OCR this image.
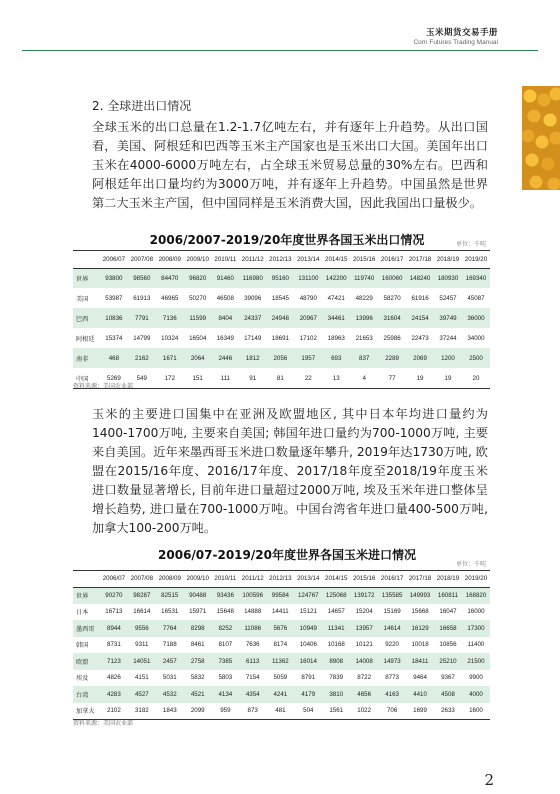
玉米期货交易手册
Corn Futures Trading Manual
2. 全球进出口情况
全球玉米的出口总量在1.2-1.7亿吨左右，并有逐年上升趋势。从出口国看，美国、阿根廷和巴西等玉米主产国家也是玉米出口大国。美国年出口玉米在4000-6000万吨左右，占全球玉米贸易总量的30%左右。巴西和阿根廷年出口量均约为3000万吨，并有逐年上升趋势。中国虽然是世界第二大玉米主产国，但中国同样是玉米消费大国，因此我国出口量极少。
2006/2007-2019/20年度世界各国玉米出口情况	单位：千吨
	2006/07	2007/08	2008/09	2009/10	2010/11	2011/12	2012/13	2013/14	2014/15	2015/16	2016/17	2017/18	2018/19	2019/20
世界	93800	98560	84470	96820	91460	116980	95160	131100	142200	119740	160060	148240	180930	169340
美国	53987	61913	46965	50270	46508	39096	18545	48790	47421	48229	58270	61916	52457	45087
巴西	10836	7791	7136	11599	8404	24337	24948	20967	34461	13996	31604	24154	39749	36000
阿根廷	15374	14799	10324	16504	16349	17149	18691	17102	18963	21653	25986	22473	37244	34000
南非	468	2162	1671	2064	2446	1812	2056	1957	693	837	2289	2069	1200	2500
中国	5269	549	172	151	111	91	81	22	13	4	77	19	19	20
资料来源：美国农业部
玉米的主要进口国集中在亚洲及欧盟地区, 其中日本年均进口量约为1400-1700万吨, 主要来自美国; 韩国年进口量约为700-1000万吨, 主要来自美国。近年来墨西哥玉米进口数量逐年攀升, 2019年达1730万吨, 欧盟在2015/16年度、2016/17年度、2017/18年度至2018/19年度玉米进口数量显著增长, 目前年进口量超过2000万吨, 埃及玉米年进口整体呈增长趋势, 进口量在700-1000万吨。中国台湾省年进口量400-500万吨, 加拿大100-200万吨。
2006/07-2019/20年度世界各国玉米进口情况
单位：千吨
	2006/07	2007/08	2008/09	2009/10	2010/11	2011/12	2012/13	2013/14	2014/15	2015/16	2016/17	2017/18	2018/19	2019/20
世界	90270	98287	82515	90488	93436	100596	99584	124767	125068	139172	135585	149993	160811	168820
日本	16713	16614	16531	15971	15648	14888	14411	15121	14657	15204	15169	15668	16047	16000
墨西哥	8944	9556	7764	8298	8252	11086	5676	10949	11341	13957	14614	16129	16658	17300
韩国	8731	9311	7188	8461	8107	7636	8174	10406	10168	10121	9220	10018	10856	11400
欧盟	7123	14051	2457	2758	7385	6113	11362	16014	8908	14008	14973	18411	25210	21500
埃及	4826	4151	5031	5832	5803	7154	5059	8791	7839	8722	8773	9464	9367	9900
台湾	4283	4527	4532	4521	4134	4354	4241	4179	3810	4656	4163	4410	4508	4000
加拿大	2102	3182	1843	2099	959	873	481	504	1561	1022	706	1699	2633	1600
资料来源：美国农业部
2
